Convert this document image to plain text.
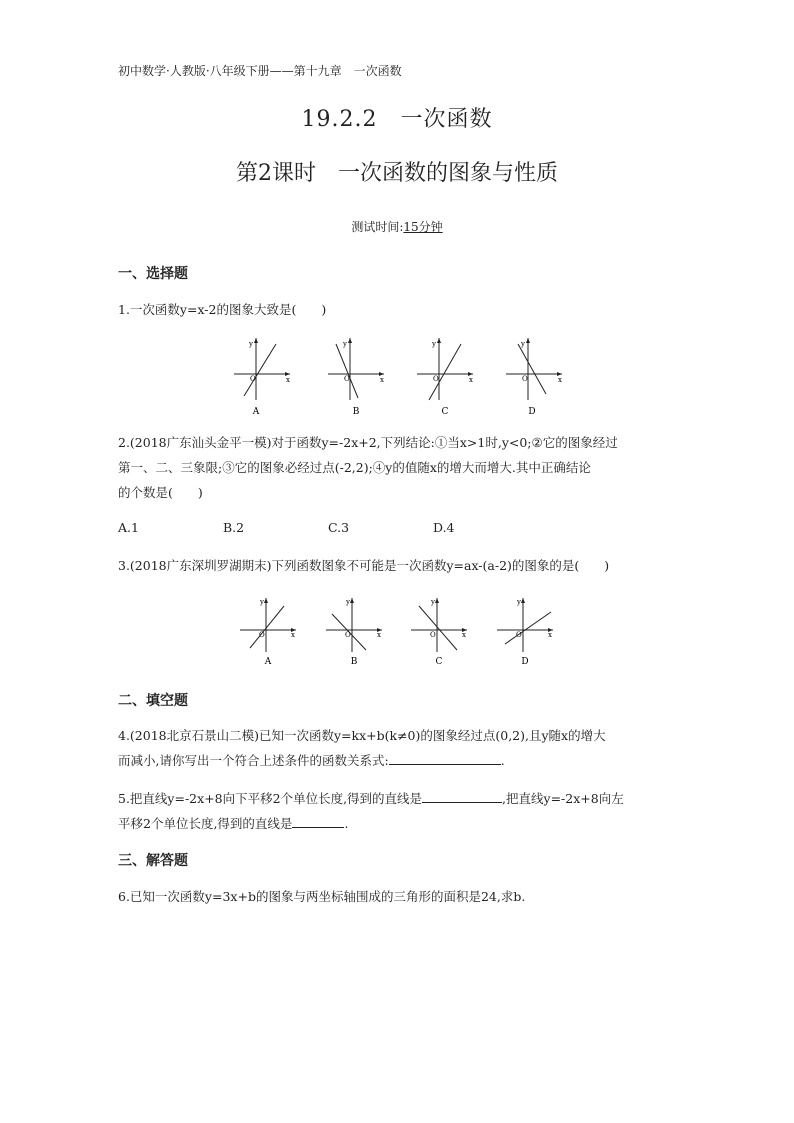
初中数学·人教版·八年级下册——第十九章　一次函数
19.2.2　一次函数
第2课时　一次函数的图象与性质
测试时间:15分钟
一、选择题
1.一次函数y=x-2的图象大致是(　　)
y
O	x
A
y
O	x
B
y
O	x
C
y
O	x
D
2.(2018广东汕头金平一模)对于函数y=-2x+2,下列结论:①当x>1时,y<0;②它的图象经过
第一、二、三象限;③它的图象必经过点(-2,2);④y的值随x的增大而增大.其中正确结论
的个数是(　　)
A.1	B.2	C.3	D.4
3.(2018广东深圳罗湖期末)下列函数图象不可能是一次函数y=ax-(a-2)的图象的是(　　)
y
O	x
A
y
O	x
B
y
O	x
C
y
O	x
D
二、填空题
4.(2018北京石景山二模)已知一次函数y=kx+b(k≠0)的图象经过点(0,2),且y随x的增大
而减小,请你写出一个符合上述条件的函数关系式:	.
5.把直线y=-2x+8向下平移2个单位长度,得到的直线是	,把直线y=-2x+8向左
平移2个单位长度,得到的直线是	.
三、解答题
6.已知一次函数y=3x+b的图象与两坐标轴围成的三角形的面积是24,求b.
